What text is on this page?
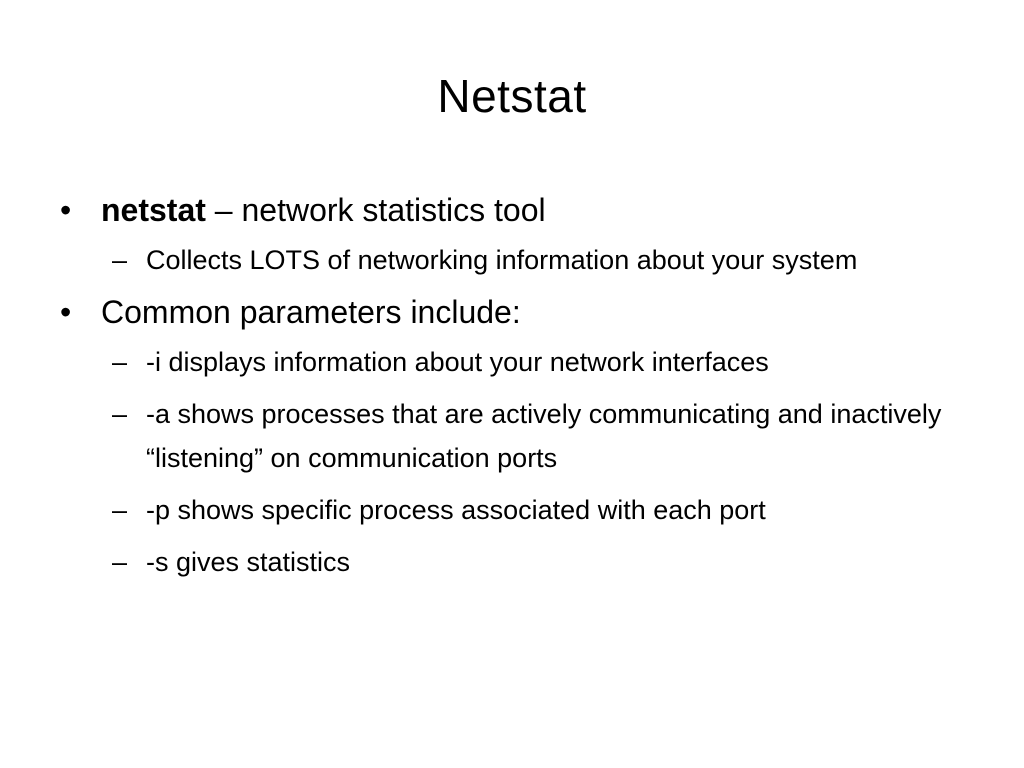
Netstat
• netstat – network statistics tool
– Collects LOTS of networking information about your system
• Common parameters include:
– -i displays information about your network interfaces
– -a shows processes that are actively communicating and inactively “listening” on communication ports
– -p shows specific process associated with each port
– -s gives statistics
